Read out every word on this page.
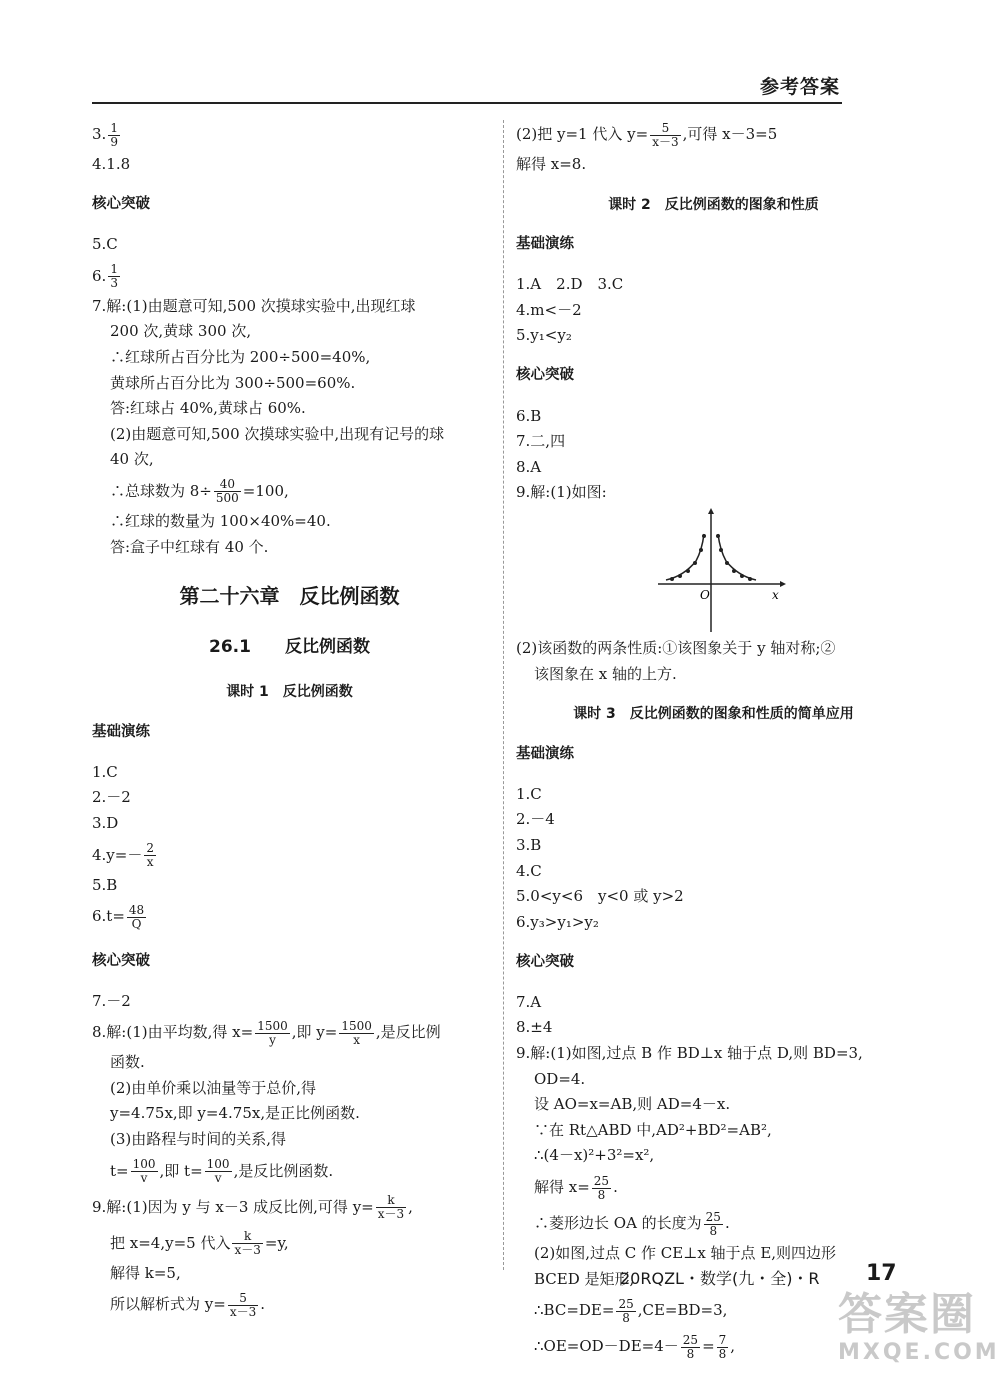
参考答案

3. $\frac{1}{9}$

4.1.8

核心突破

5.C

6. $\frac{1}{3}$

7.解:(1)由题意可知,500 次摸球实验中,出现红球

200 次,黄球 300 次,

∴红球所占百分比为 200÷500=40%,

黄球所占百分比为 300÷500=60%.

答:红球占 40%,黄球占 60%.

(2)由题意可知,500 次摸球实验中,出现有记号的球

40 次,

∴总球数为 $8\div \frac{40}{500} =100$,

∴红球的数量为 100×40%=40.

答:盒子中红球有 40 个.

第二十六章　反比例函数

26.1　　反比例函数

课时 1　反比例函数

基础演练

1.C

2.－2

3.D

$4.y=- \frac{2}{x}$

5.B

$6.t= \frac{48}{Q}$

核心突破

7.－2

8.解:(1)由平均数,得 $x= \frac{1500}{y}$ ,即 $y= \frac{1500}{x}$ ,是反比例

函数.

(2)由单价乘以油量等于总价,得

y=4.75x,即 y=4.75x,是正比例函数.

(3)由路程与时间的关系,得

$t= \frac{100}{v}$ ,即 $t= \frac{100}{v}$ ,是反比例函数.

9.解:(1)因为 y 与 x－3 成反比例,可得 $y= \frac{k}{x-3}$ ,

把 x=4,y=5 代入 $\frac{k}{x-3} =y$,

解得 k=5,

所以解析式为 $y= \frac{5}{x-3}$ .

(2)把 y=1 代入 $y= \frac{5}{x-3}$ ,可得 x－3=5

解得 x=8.

课时 2　反比例函数的图象和性质

基础演练

1.A　2.D　3.C

4.m<－2

5.y₁<y₂

核心突破

6.B

7.二,四

8.A

9.解:(1)如图:

O	x

(2)该函数的两条性质:①该图象关于 y 轴对称;②

该图象在 x 轴的上方.

课时 3　反比例函数的图象和性质的简单应用

基础演练

1.C

2.－4

3.B

4.C

5.0<y<6　y<0 或 y>2

6.y₃>y₁>y₂

核心突破

7.A

8.±4

9.解:(1)如图,过点 B 作 BD⊥x 轴于点 D,则 BD=3,

OD=4.

设 AO=x=AB,则 AD=4－x.

∵在 Rt△ABD 中,AD²+BD²=AB²,

∴(4－x)²+3²=x²,

解得 $x= \frac{25}{8}$ .

∴菱形边长 OA 的长度为 $\frac{25}{8}$ .

(2)如图,过点 C 作 CE⊥x 轴于点 E,则四边形

BCED 是矩形,

∴BC=DE= $\frac{25}{8} ,CE=BD=3$,

∴OE=OD－DE=4－ $\frac{25}{8} = \frac{7}{8}$ ,

20RQZL・数学(九・全)・R 17
答案圈
MXQE.COM
